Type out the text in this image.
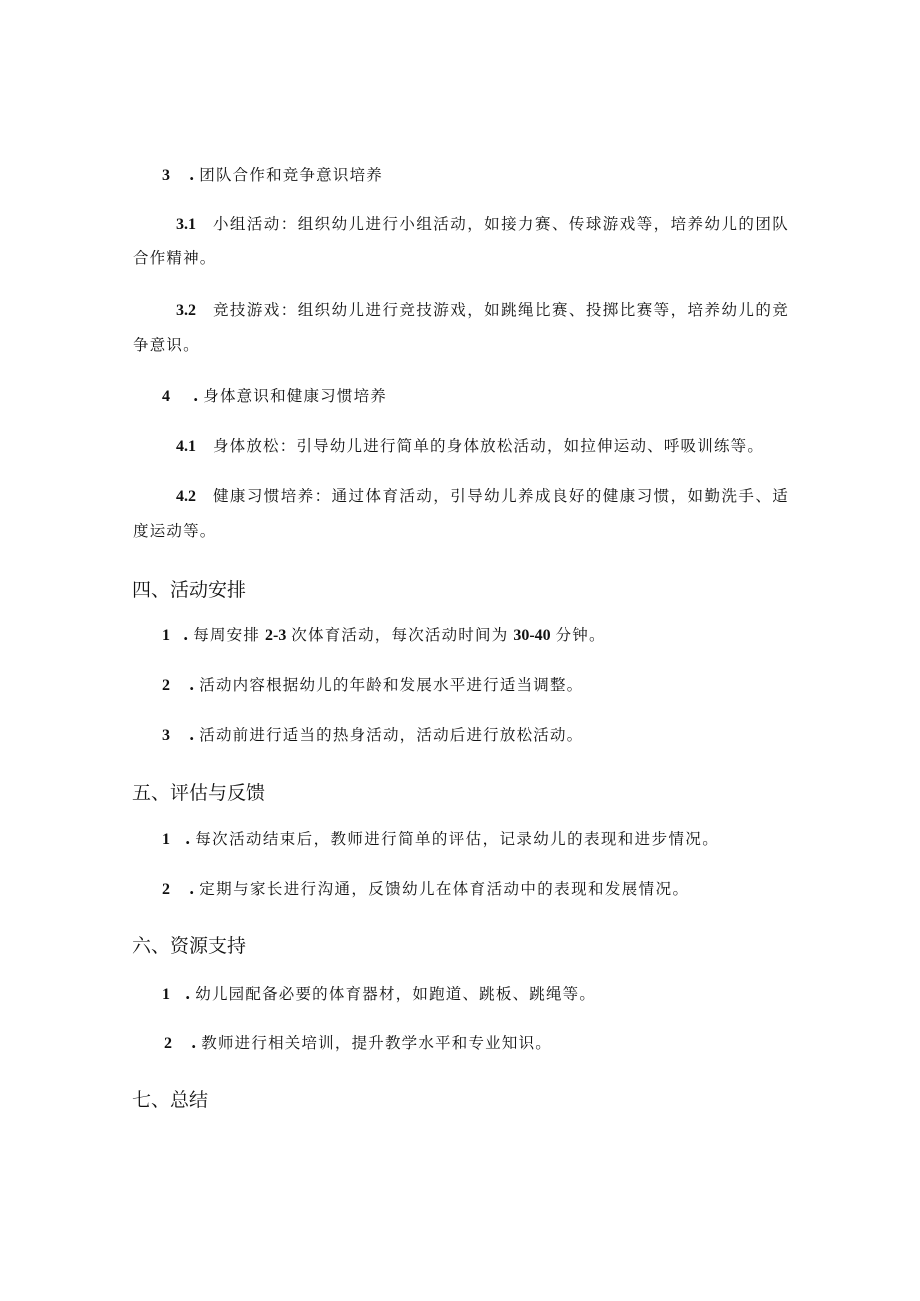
3 . 团队合作和竞争意识培养
3.1 小组活动：组织幼儿进行小组活动，如接力赛、传球游戏等，培养幼儿的团队
合作精神。
3.2 竞技游戏：组织幼儿进行竞技游戏，如跳绳比赛、投掷比赛等，培养幼儿的竞
争意识。
4 . 身体意识和健康习惯培养
4.1 身体放松：引导幼儿进行简单的身体放松活动，如拉伸运动、呼吸训练等。
4.2 健康习惯培养：通过体育活动，引导幼儿养成良好的健康习惯，如勤洗手、适
度运动等。
四、活动安排
1 . 每周安排 2-3 次体育活动，每次活动时间为 30-40 分钟。
2 . 活动内容根据幼儿的年龄和发展水平进行适当调整。
3 . 活动前进行适当的热身活动，活动后进行放松活动。
五、评估与反馈
1 . 每次活动结束后，教师进行简单的评估，记录幼儿的表现和进步情况。
2 . 定期与家长进行沟通，反馈幼儿在体育活动中的表现和发展情况。
六、资源支持
1 . 幼儿园配备必要的体育器材，如跑道、跳板、跳绳等。
2 . 教师进行相关培训，提升教学水平和专业知识。
七、总结
